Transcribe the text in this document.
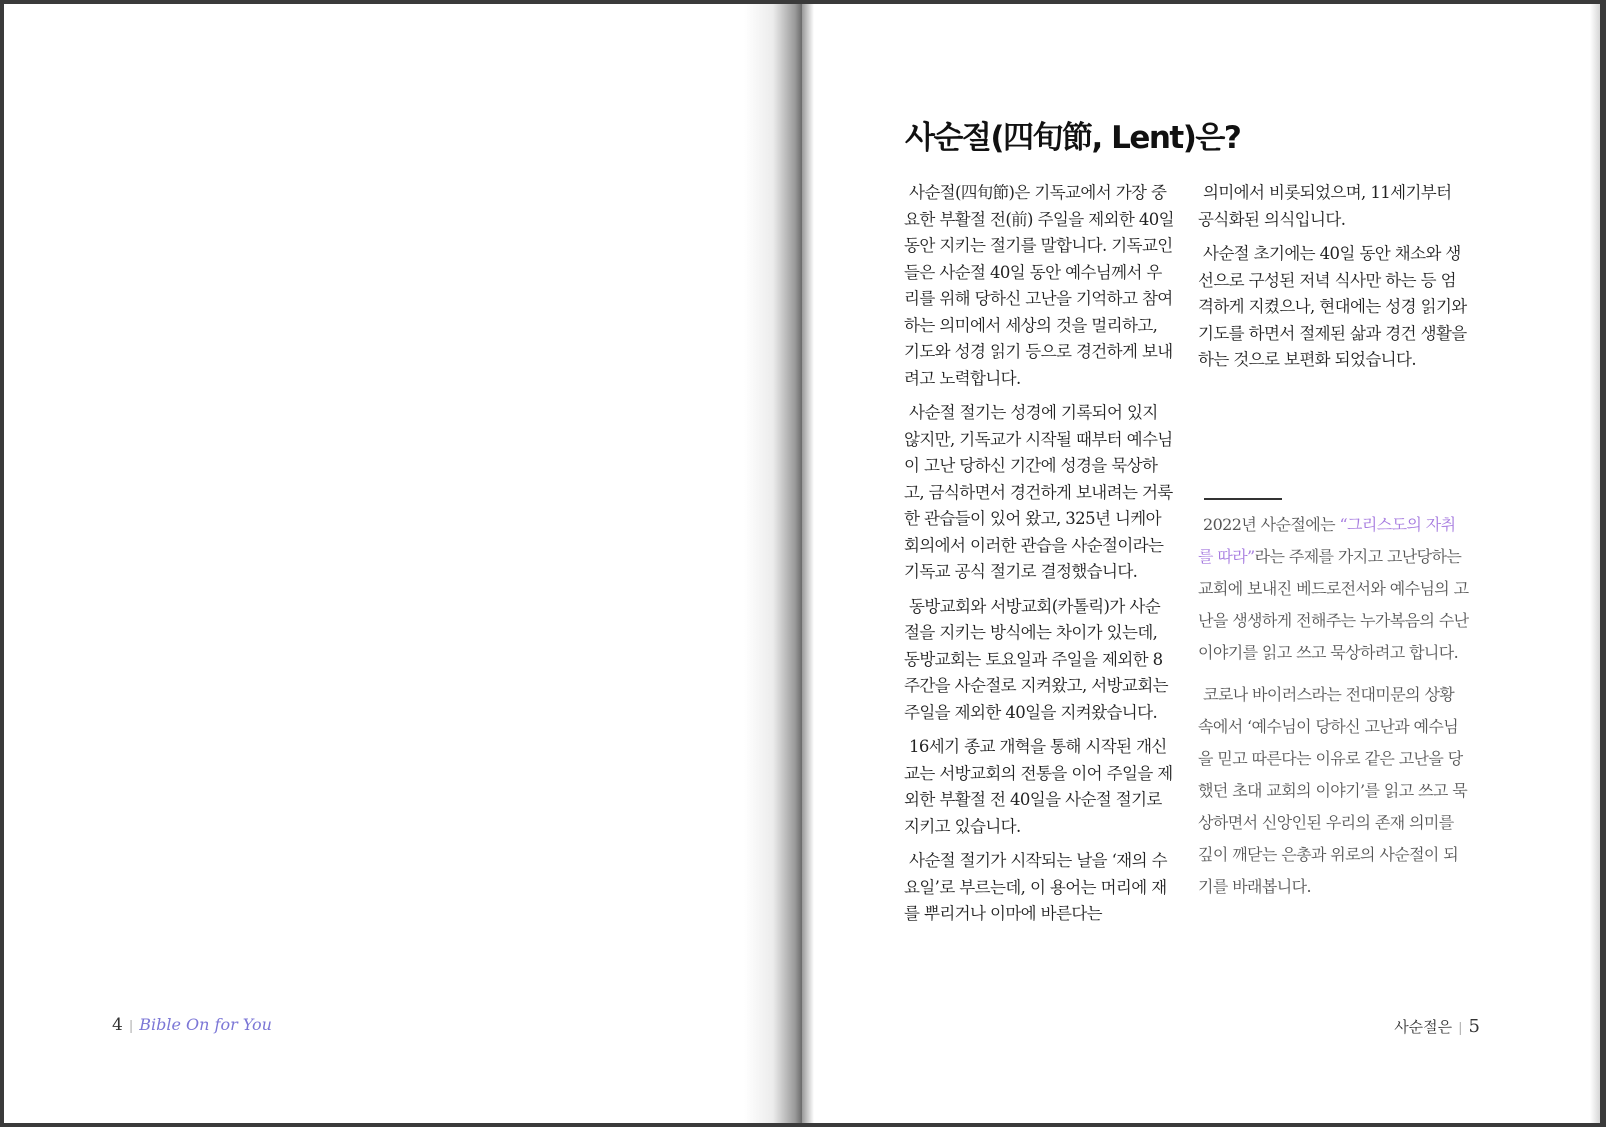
4 | Bible On for You
사순절(四旬節, Lent)은?

사순절(四旬節)은 기독교에서 가장 중요한 부활절 전(前) 주일을 제외한 40일 동안 지키는 절기를 말합니다. 기독교인들은 사순절 40일 동안 예수님께서 우리를 위해 당하신 고난을 기억하고 참여하는 의미에서 세상의 것을 멀리하고, 기도와 성경 읽기 등으로 경건하게 보내려고 노력합니다.

사순절 절기는 성경에 기록되어 있지 않지만, 기독교가 시작될 때부터 예수님이 고난 당하신 기간에 성경을 묵상하고, 금식하면서 경건하게 보내려는 거룩한 관습들이 있어 왔고, 325년 니케아 회의에서 이러한 관습을 사순절이라는 기독교 공식 절기로 결정했습니다.

동방교회와 서방교회(카톨릭)가 사순절을 지키는 방식에는 차이가 있는데, 동방교회는 토요일과 주일을 제외한 8주간을 사순절로 지켜왔고, 서방교회는 주일을 제외한 40일을 지켜왔습니다.

16세기 종교 개혁을 통해 시작된 개신교는 서방교회의 전통을 이어 주일을 제외한 부활절 전 40일을 사순절 절기로 지키고 있습니다.

사순절 절기가 시작되는 날을 ‘재의 수요일’로 부르는데, 이 용어는 머리에 재를 뿌리거나 이마에 바른다는

의미에서 비롯되었으며, 11세기부터 공식화된 의식입니다.

사순절 초기에는 40일 동안 채소와 생선으로 구성된 저녁 식사만 하는 등 엄격하게 지켰으나, 현대에는 성경 읽기와 기도를 하면서 절제된 삶과 경건 생활을 하는 것으로 보편화 되었습니다.

2022년 사순절에는 “그리스도의 자취를 따라”라는 주제를 가지고 고난당하는 교회에 보내진 베드로전서와 예수님의 고난을 생생하게 전해주는 누가복음의 수난 이야기를 읽고 쓰고 묵상하려고 합니다.

코로나 바이러스라는 전대미문의 상황 속에서 ‘예수님이 당하신 고난과 예수님을 믿고 따른다는 이유로 같은 고난을 당했던 초대 교회의 이야기’를 읽고 쓰고 묵상하면서 신앙인된 우리의 존재 의미를 깊이 깨닫는 은총과 위로의 사순절이 되기를 바래봅니다.

사순절은 | 5
